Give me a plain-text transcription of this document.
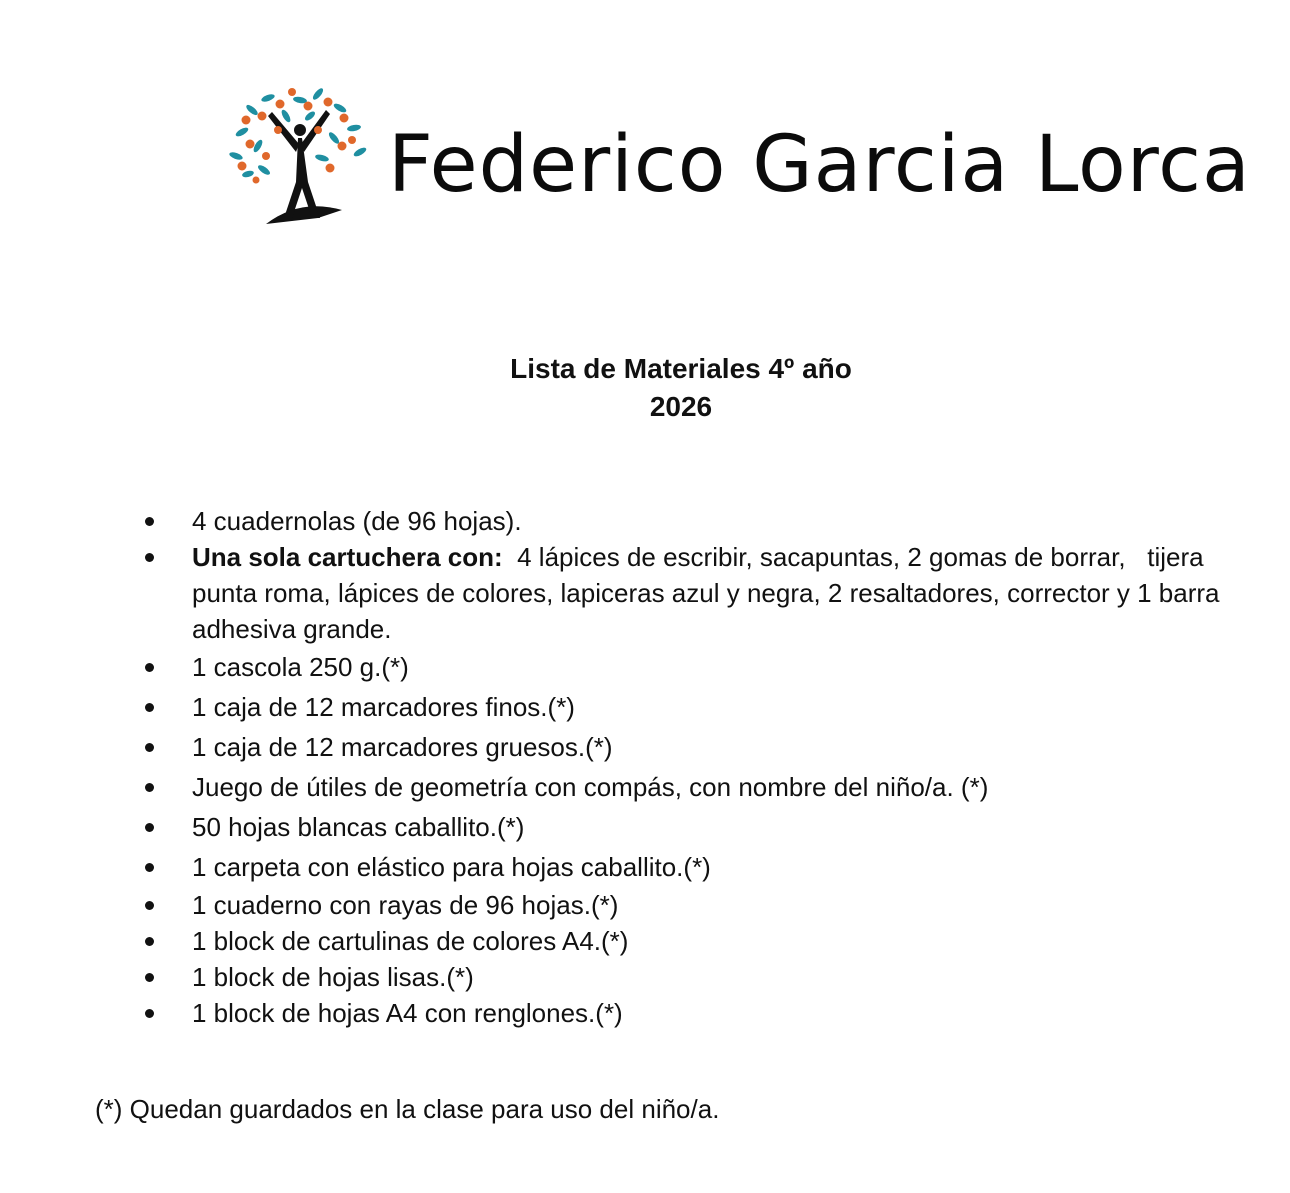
Federico Garcia Lorca
Lista de Materiales 4º año
2026
4 cuadernolas (de 96 hojas).
Una sola cartuchera con:  4 lápices de escribir, sacapuntas, 2 gomas de borrar,   tijera punta roma, lápices de colores, lapiceras azul y negra, 2 resaltadores, corrector y 1 barra adhesiva grande.
1 cascola 250 g.(*)
1 caja de 12 marcadores finos.(*)
1 caja de 12 marcadores gruesos.(*)
Juego de útiles de geometría con compás, con nombre del niño/a. (*)
50 hojas blancas caballito.(*)
1 carpeta con elástico para hojas caballito.(*)
1 cuaderno con rayas de 96 hojas.(*)
1 block de cartulinas de colores A4.(*)
1 block de hojas lisas.(*)
1 block de hojas A4 con renglones.(*)
(*) Quedan guardados en la clase para uso del niño/a.
